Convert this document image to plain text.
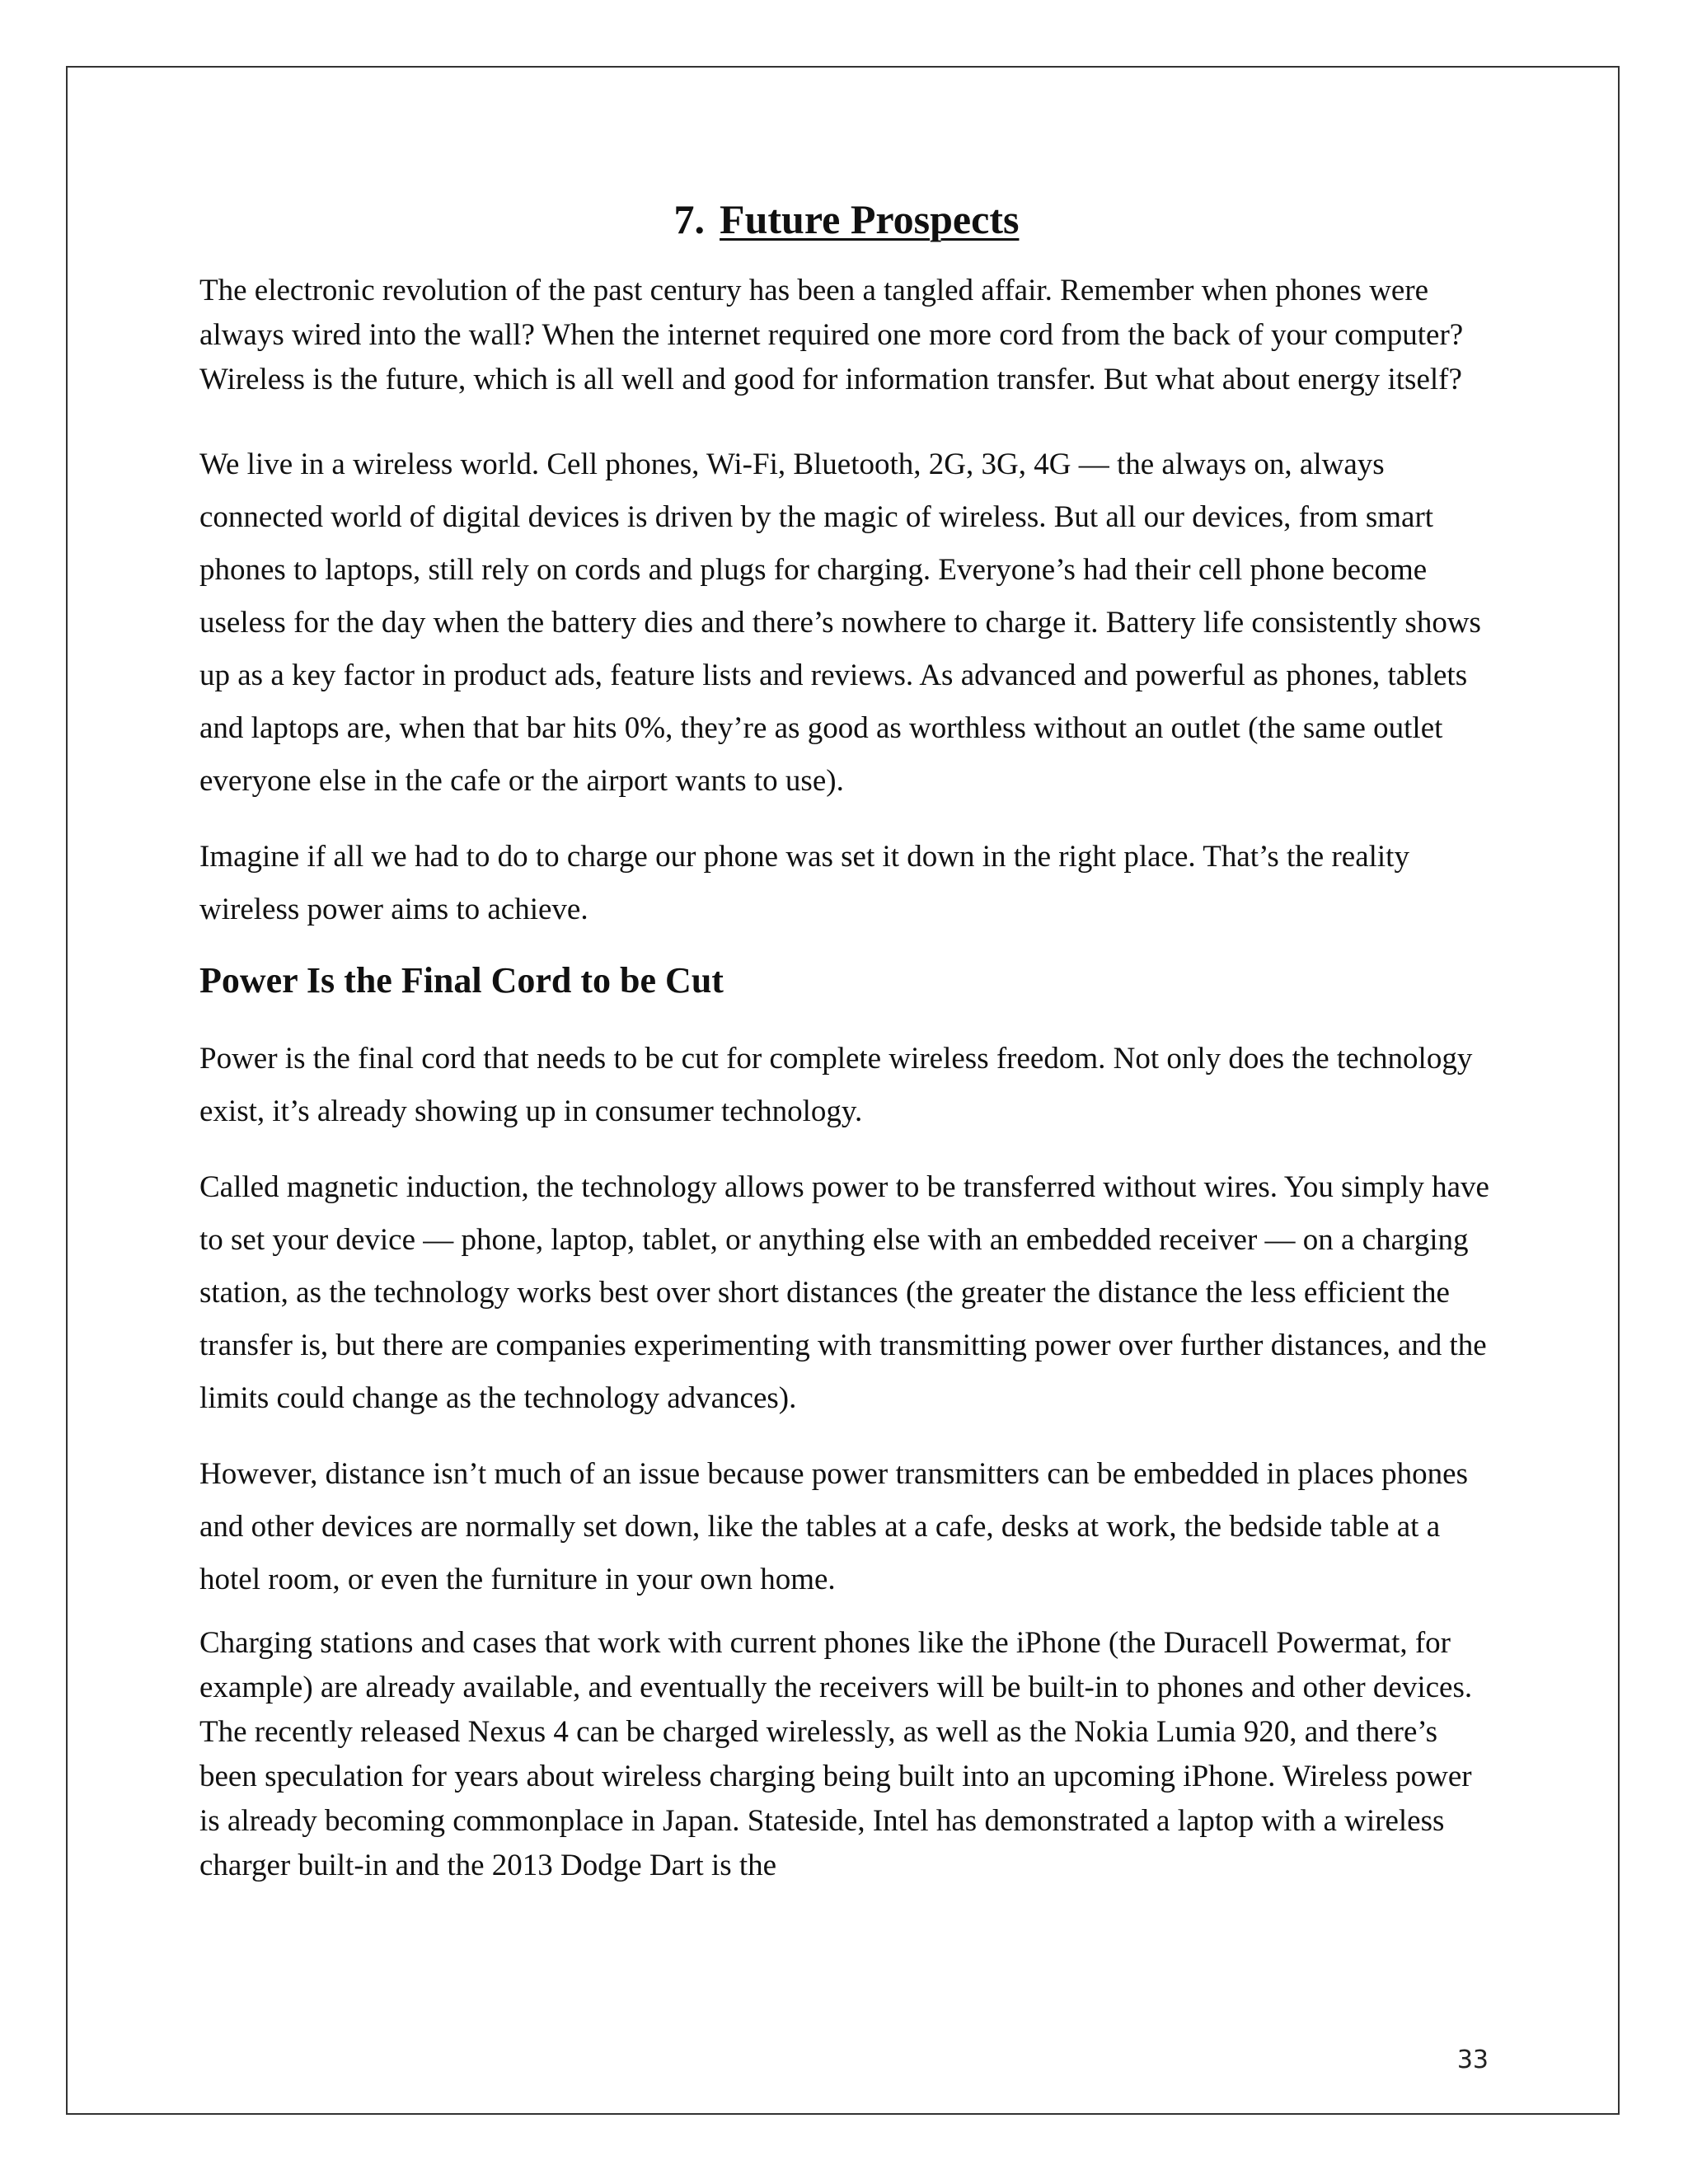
7. Future Prospects

The electronic revolution of the past century has been a tangled affair. Remember when phones were always wired into the wall? When the internet required one more cord from the back of your computer? Wireless is the future, which is all well and good for information transfer. But what about energy itself?

We live in a wireless world. Cell phones, Wi-Fi, Bluetooth, 2G, 3G, 4G — the always on, always connected world of digital devices is driven by the magic of wireless. But all our devices, from smart phones to laptops, still rely on cords and plugs for charging. Everyone’s had their cell phone become useless for the day when the battery dies and there’s nowhere to charge it. Battery life consistently shows up as a key factor in product ads, feature lists and reviews. As advanced and powerful as phones, tablets and laptops are, when that bar hits 0%, they’re as good as worthless without an outlet (the same outlet everyone else in the cafe or the airport wants to use).

Imagine if all we had to do to charge our phone was set it down in the right place. That’s the reality wireless power aims to achieve.

Power Is the Final Cord to be Cut

Power is the final cord that needs to be cut for complete wireless freedom. Not only does the technology exist, it’s already showing up in consumer technology.

Called magnetic induction, the technology allows power to be transferred without wires. You simply have to set your device — phone, laptop, tablet, or anything else with an embedded receiver — on a charging station, as the technology works best over short distances (the greater the distance the less efficient the transfer is, but there are companies experimenting with transmitting power over further distances, and the limits could change as the technology advances).

However, distance isn’t much of an issue because power transmitters can be embedded in places phones and other devices are normally set down, like the tables at a cafe, desks at work, the bedside table at a hotel room, or even the furniture in your own home.

Charging stations and cases that work with current phones like the iPhone (the Duracell Powermat, for example) are already available, and eventually the receivers will be built-in to phones and other devices. The recently released Nexus 4 can be charged wirelessly, as well as the Nokia Lumia 920, and there’s been speculation for years about wireless charging being built into an upcoming iPhone. Wireless power is already becoming commonplace in Japan. Stateside, Intel has demonstrated a laptop with a wireless charger built-in and the 2013 Dodge Dart is the

33
